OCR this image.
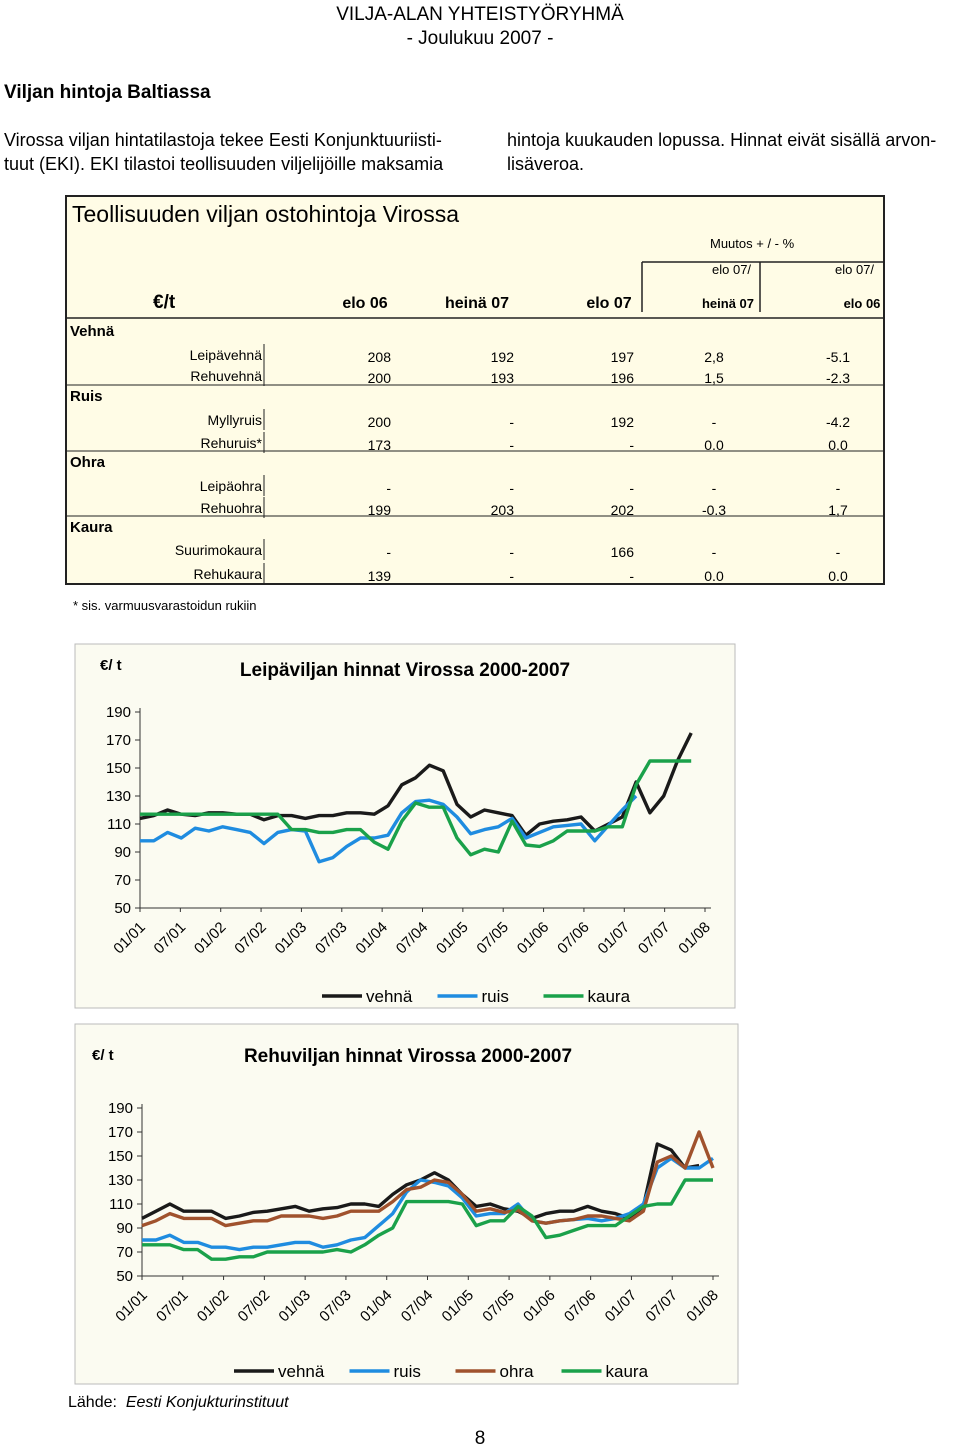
VILJA-ALAN YHTEISTYÖRYHMÄ
- Joulukuu 2007 -
Viljan hintoja Baltiassa
Virossa viljan hintatilastoja tekee Eesti Konjunktuuriisti-
tuut (EKI). EKI tilastoi teollisuuden viljelijöille maksamia
hintoja kuukauden lopussa. Hinnat eivät sisällä arvon-
lisäveroa.
Teollisuuden viljan ostohintoja Virossa
Muutos + / - %
elo 07/	elo 07/
€/t	elo 06	heinä 07	elo 07	heinä 07	elo 06
Vehnä
Leipävehnä	208	192	197	2,8	-5.1
Rehuvehnä	200	193	196	1,5	-2.3
Ruis
Myllyruis	200	-	192	-	-4.2
Rehuruis*	173	-	-	0.0	0.0
Ohra
Leipäohra	-	-	-	-	-
Rehuohra	199	203	202	-0.3	1,7
Kaura
Suurimokaura	-	-	166	-	-
Rehukaura	139	-	-	0.0	0.0
* sis. varmuusvarastoidun rukiin
Leipäviljan hinnat Virossa 2000-2007
€/ t
190
170
150
130
110
90
70
50
01/01 07/01 01/02 07/02 01/03 07/03 01/04 07/04 01/05 07/05 01/06 07/06 01/07 07/07 01/08
vehnä	ruis	kaura
Rehuviljan hinnat Virossa 2000-2007
€/ t
190
170
150
130
110
90
70
50
01/01 07/01 01/02 07/02 01/03 07/03 01/04 07/04 01/05 07/05 01/06 07/06 01/07 07/07 01/08
vehnä	ruis	ohra	kaura
Lähde: Eesti Konjukturinstituut
8
